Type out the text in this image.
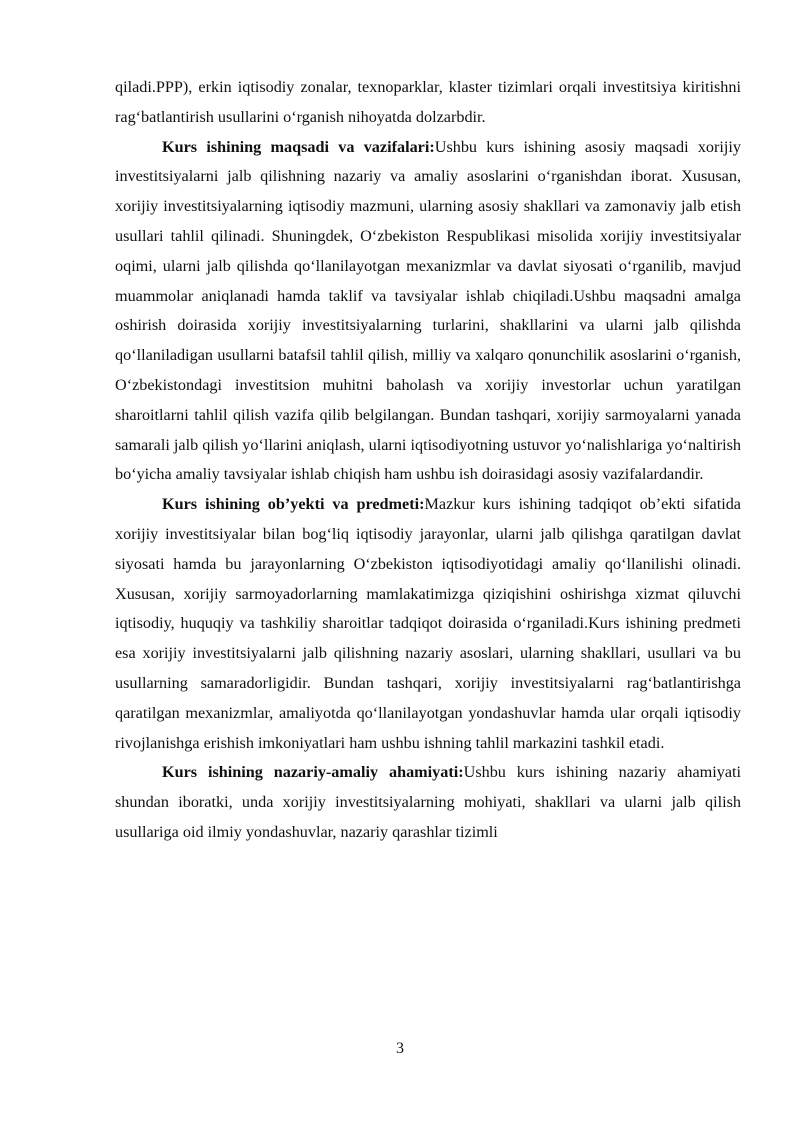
qiladi.PPP), erkin iqtisodiy zonalar, texnoparklar, klaster tizimlari orqali investitsiya kiritishni rag‘batlantirish usullarini o‘rganish nihoyatda dolzarbdir.

Kurs ishining maqsadi va vazifalari:Ushbu kurs ishining asosiy maqsadi xorijiy investitsiyalarni jalb qilishning nazariy va amaliy asoslarini o‘rganishdan iborat. Xususan, xorijiy investitsiyalarning iqtisodiy mazmuni, ularning asosiy shakllari va zamonaviy jalb etish usullari tahlil qilinadi. Shuningdek, O‘zbekiston Respublikasi misolida xorijiy investitsiyalar oqimi, ularni jalb qilishda qo‘llanilayotgan mexanizmlar va davlat siyosati o‘rganilib, mavjud muammolar aniqlanadi hamda taklif va tavsiyalar ishlab chiqiladi.Ushbu maqsadni amalga oshirish doirasida xorijiy investitsiyalarning turlarini, shakllarini va ularni jalb qilishda qo‘llaniladigan usullarni batafsil tahlil qilish, milliy va xalqaro qonunchilik asoslarini o‘rganish, O‘zbekistondagi investitsion muhitni baholash va xorijiy investorlar uchun yaratilgan sharoitlarni tahlil qilish vazifa qilib belgilangan. Bundan tashqari, xorijiy sarmoyalarni yanada samarali jalb qilish yo‘llarini aniqlash, ularni iqtisodiyotning ustuvor yo‘nalishlariga yo‘naltirish bo‘yicha amaliy tavsiyalar ishlab chiqish ham ushbu ish doirasidagi asosiy vazifalardandir.

Kurs ishining ob’yekti va predmeti:Mazkur kurs ishining tadqiqot ob’ekti sifatida xorijiy investitsiyalar bilan bog‘liq iqtisodiy jarayonlar, ularni jalb qilishga qaratilgan davlat siyosati hamda bu jarayonlarning O‘zbekiston iqtisodiyotidagi amaliy qo‘llanilishi olinadi. Xususan, xorijiy sarmoyadorlarning mamlakatimizga qiziqishini oshirishga xizmat qiluvchi iqtisodiy, huquqiy va tashkiliy sharoitlar tadqiqot doirasida o‘rganiladi.Kurs ishining predmeti esa xorijiy investitsiyalarni jalb qilishning nazariy asoslari, ularning shakllari, usullari va bu usullarning samaradorligidir. Bundan tashqari, xorijiy investitsiyalarni rag‘batlantirishga qaratilgan mexanizmlar, amaliyotda qo‘llanilayotgan yondashuvlar hamda ular orqali iqtisodiy rivojlanishga erishish imkoniyatlari ham ushbu ishning tahlil markazini tashkil etadi.

Kurs ishining nazariy-amaliy ahamiyati:Ushbu kurs ishining nazariy ahamiyati shundan iboratki, unda xorijiy investitsiyalarning mohiyati, shakllari va ularni jalb qilish usullariga oid ilmiy yondashuvlar, nazariy qarashlar tizimli

3
